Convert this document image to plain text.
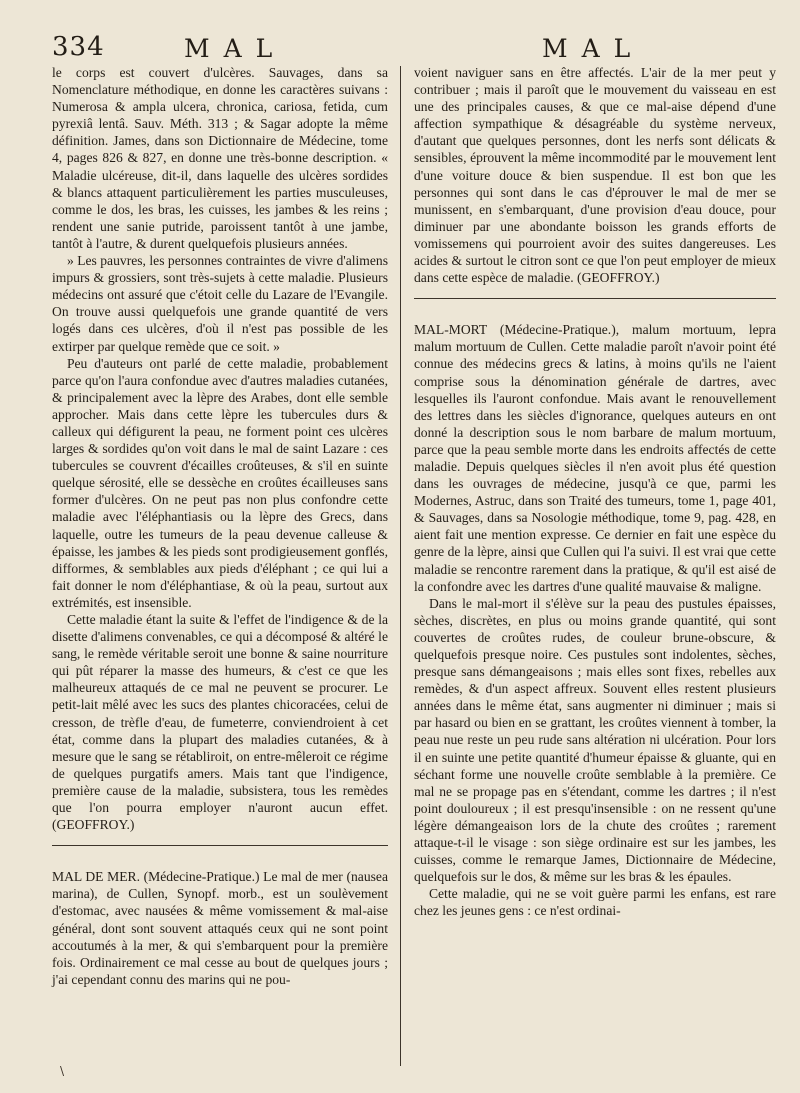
334	MAL	MAL

le corps est couvert d'ulcères. Sauvages, dans sa Nomenclature méthodique, en donne les caractères suivans : Numerosa & ampla ulcera, chronica, cariosa, fetida, cum pyrexiâ lentâ. Sauv. Méth. 313 ; & Sagar adopte la même définition. James, dans son Dictionnaire de Médecine, tome 4, pages 826 & 827, en donne une très-bonne description. « Maladie ulcéreuse, dit-il, dans laquelle des ulcères sordides & blancs attaquent particulièrement les parties musculeuses, comme le dos, les bras, les cuisses, les jambes & les reins ; rendent une sanie putride, paroissent tantôt à une jambe, tantôt à l'autre, & durent quelquefois plusieurs années.

» Les pauvres, les personnes contraintes de vivre d'alimens impurs & grossiers, sont très-sujets à cette maladie. Plusieurs médecins ont assuré que c'étoit celle du Lazare de l'Evangile. On trouve aussi quelquefois une grande quantité de vers logés dans ces ulcères, d'où il n'est pas possible de les extirper par quelque remède que ce soit. »

Peu d'auteurs ont parlé de cette maladie, probablement parce qu'on l'aura confondue avec d'autres maladies cutanées, & principalement avec la lèpre des Arabes, dont elle semble approcher. Mais dans cette lèpre les tubercules durs & calleux qui défigurent la peau, ne forment point ces ulcères larges & sordides qu'on voit dans le mal de saint Lazare : ces tubercules se couvrent d'écailles croûteuses, & s'il en suinte quelque sérosité, elle se dessèche en croûtes écailleuses sans former d'ulcères. On ne peut pas non plus confondre cette maladie avec l'éléphantiasis ou la lèpre des Grecs, dans laquelle, outre les tumeurs de la peau devenue calleuse & épaisse, les jambes & les pieds sont prodigieusement gonflés, difformes, & semblables aux pieds d'éléphant ; ce qui lui a fait donner le nom d'éléphantiase, & où la peau, surtout aux extrémités, est insensible.

Cette maladie étant la suite & l'effet de l'indigence & de la disette d'alimens convenables, ce qui a décomposé & altéré le sang, le remède véritable seroit une bonne & saine nourriture qui pût réparer la masse des humeurs, & c'est ce que les malheureux attaqués de ce mal ne peuvent se procurer. Le petit-lait mêlé avec les sucs des plantes chicoracées, celui de cresson, de trèfle d'eau, de fumeterre, conviendroient à cet état, comme dans la plupart des maladies cutanées, & à mesure que le sang se rétabliroit, on entre-mêleroit ce régime de quelques purgatifs amers. Mais tant que l'indigence, première cause de la maladie, subsistera, tous les remèdes que l'on pourra employer n'auront aucun effet. (GEOFFROY.)

MAL DE MER. (Médecine-Pratique.) Le mal de mer (nausea marina), de Cullen, Synopf. morb., est un soulèvement d'estomac, avec nausées & même vomissement & mal-aise général, dont sont souvent attaqués ceux qui ne sont point accoutumés à la mer, & qui s'embarquent pour la première fois. Ordinairement ce mal cesse au bout de quelques jours ; j'ai cependant connu des marins qui ne pou-

voient naviguer sans en être affectés. L'air de la mer peut y contribuer ; mais il paroît que le mouvement du vaisseau en est une des principales causes, & que ce mal-aise dépend d'une affection sympathique & désagréable du système nerveux, d'autant que quelques personnes, dont les nerfs sont délicats & sensibles, éprouvent la même incommodité par le mouvement lent d'une voiture douce & bien suspendue. Il est bon que les personnes qui sont dans le cas d'éprouver le mal de mer se munissent, en s'embarquant, d'une provision d'eau douce, pour diminuer par une abondante boisson les grands efforts de vomissemens qui pourroient avoir des suites dangereuses. Les acides & surtout le citron sont ce que l'on peut employer de mieux dans cette espèce de maladie. (GEOFFROY.)

MAL-MORT (Médecine-Pratique.), malum mortuum, lepra malum mortuum de Cullen. Cette maladie paroît n'avoir point été connue des médecins grecs & latins, à moins qu'ils ne l'aient comprise sous la dénomination générale de dartres, avec lesquelles ils l'auront confondue. Mais avant le renouvellement des lettres dans les siècles d'ignorance, quelques auteurs en ont donné la description sous le nom barbare de malum mortuum, parce que la peau semble morte dans les endroits affectés de cette maladie. Depuis quelques siècles il n'en avoit plus été question dans les ouvrages de médecine, jusqu'à ce que, parmi les Modernes, Astruc, dans son Traité des tumeurs, tome 1, page 401, & Sauvages, dans sa Nosologie méthodique, tome 9, pag. 428, en aient fait une mention expresse. Ce dernier en fait une espèce du genre de la lèpre, ainsi que Cullen qui l'a suivi. Il est vrai que cette maladie se rencontre rarement dans la pratique, & qu'il est aisé de la confondre avec les dartres d'une qualité mauvaise & maligne.

Dans le mal-mort il s'élève sur la peau des pustules épaisses, sèches, discrètes, en plus ou moins grande quantité, qui sont couvertes de croûtes rudes, de couleur brune-obscure, & quelquefois presque noire. Ces pustules sont indolentes, sèches, presque sans démangeaisons ; mais elles sont fixes, rebelles aux remèdes, & d'un aspect affreux. Souvent elles restent plusieurs années dans le même état, sans augmenter ni diminuer ; mais si par hasard ou bien en se grattant, les croûtes viennent à tomber, la peau nue reste un peu rude sans altération ni ulcération. Pour lors il en suinte une petite quantité d'humeur épaisse & gluante, qui en séchant forme une nouvelle croûte semblable à la première. Ce mal ne se propage pas en s'étendant, comme les dartres ; il n'est point douloureux ; il est presqu'insensible : on ne ressent qu'une légère démangeaison lors de la chute des croûtes ; rarement attaque-t-il le visage : son siège ordinaire est sur les jambes, les cuisses, comme le remarque James, Dictionnaire de Médecine, quelquefois sur le dos, & même sur les bras & les épaules.

Cette maladie, qui ne se voit guère parmi les enfans, est rare chez les jeunes gens : ce n'est ordinai-

\
